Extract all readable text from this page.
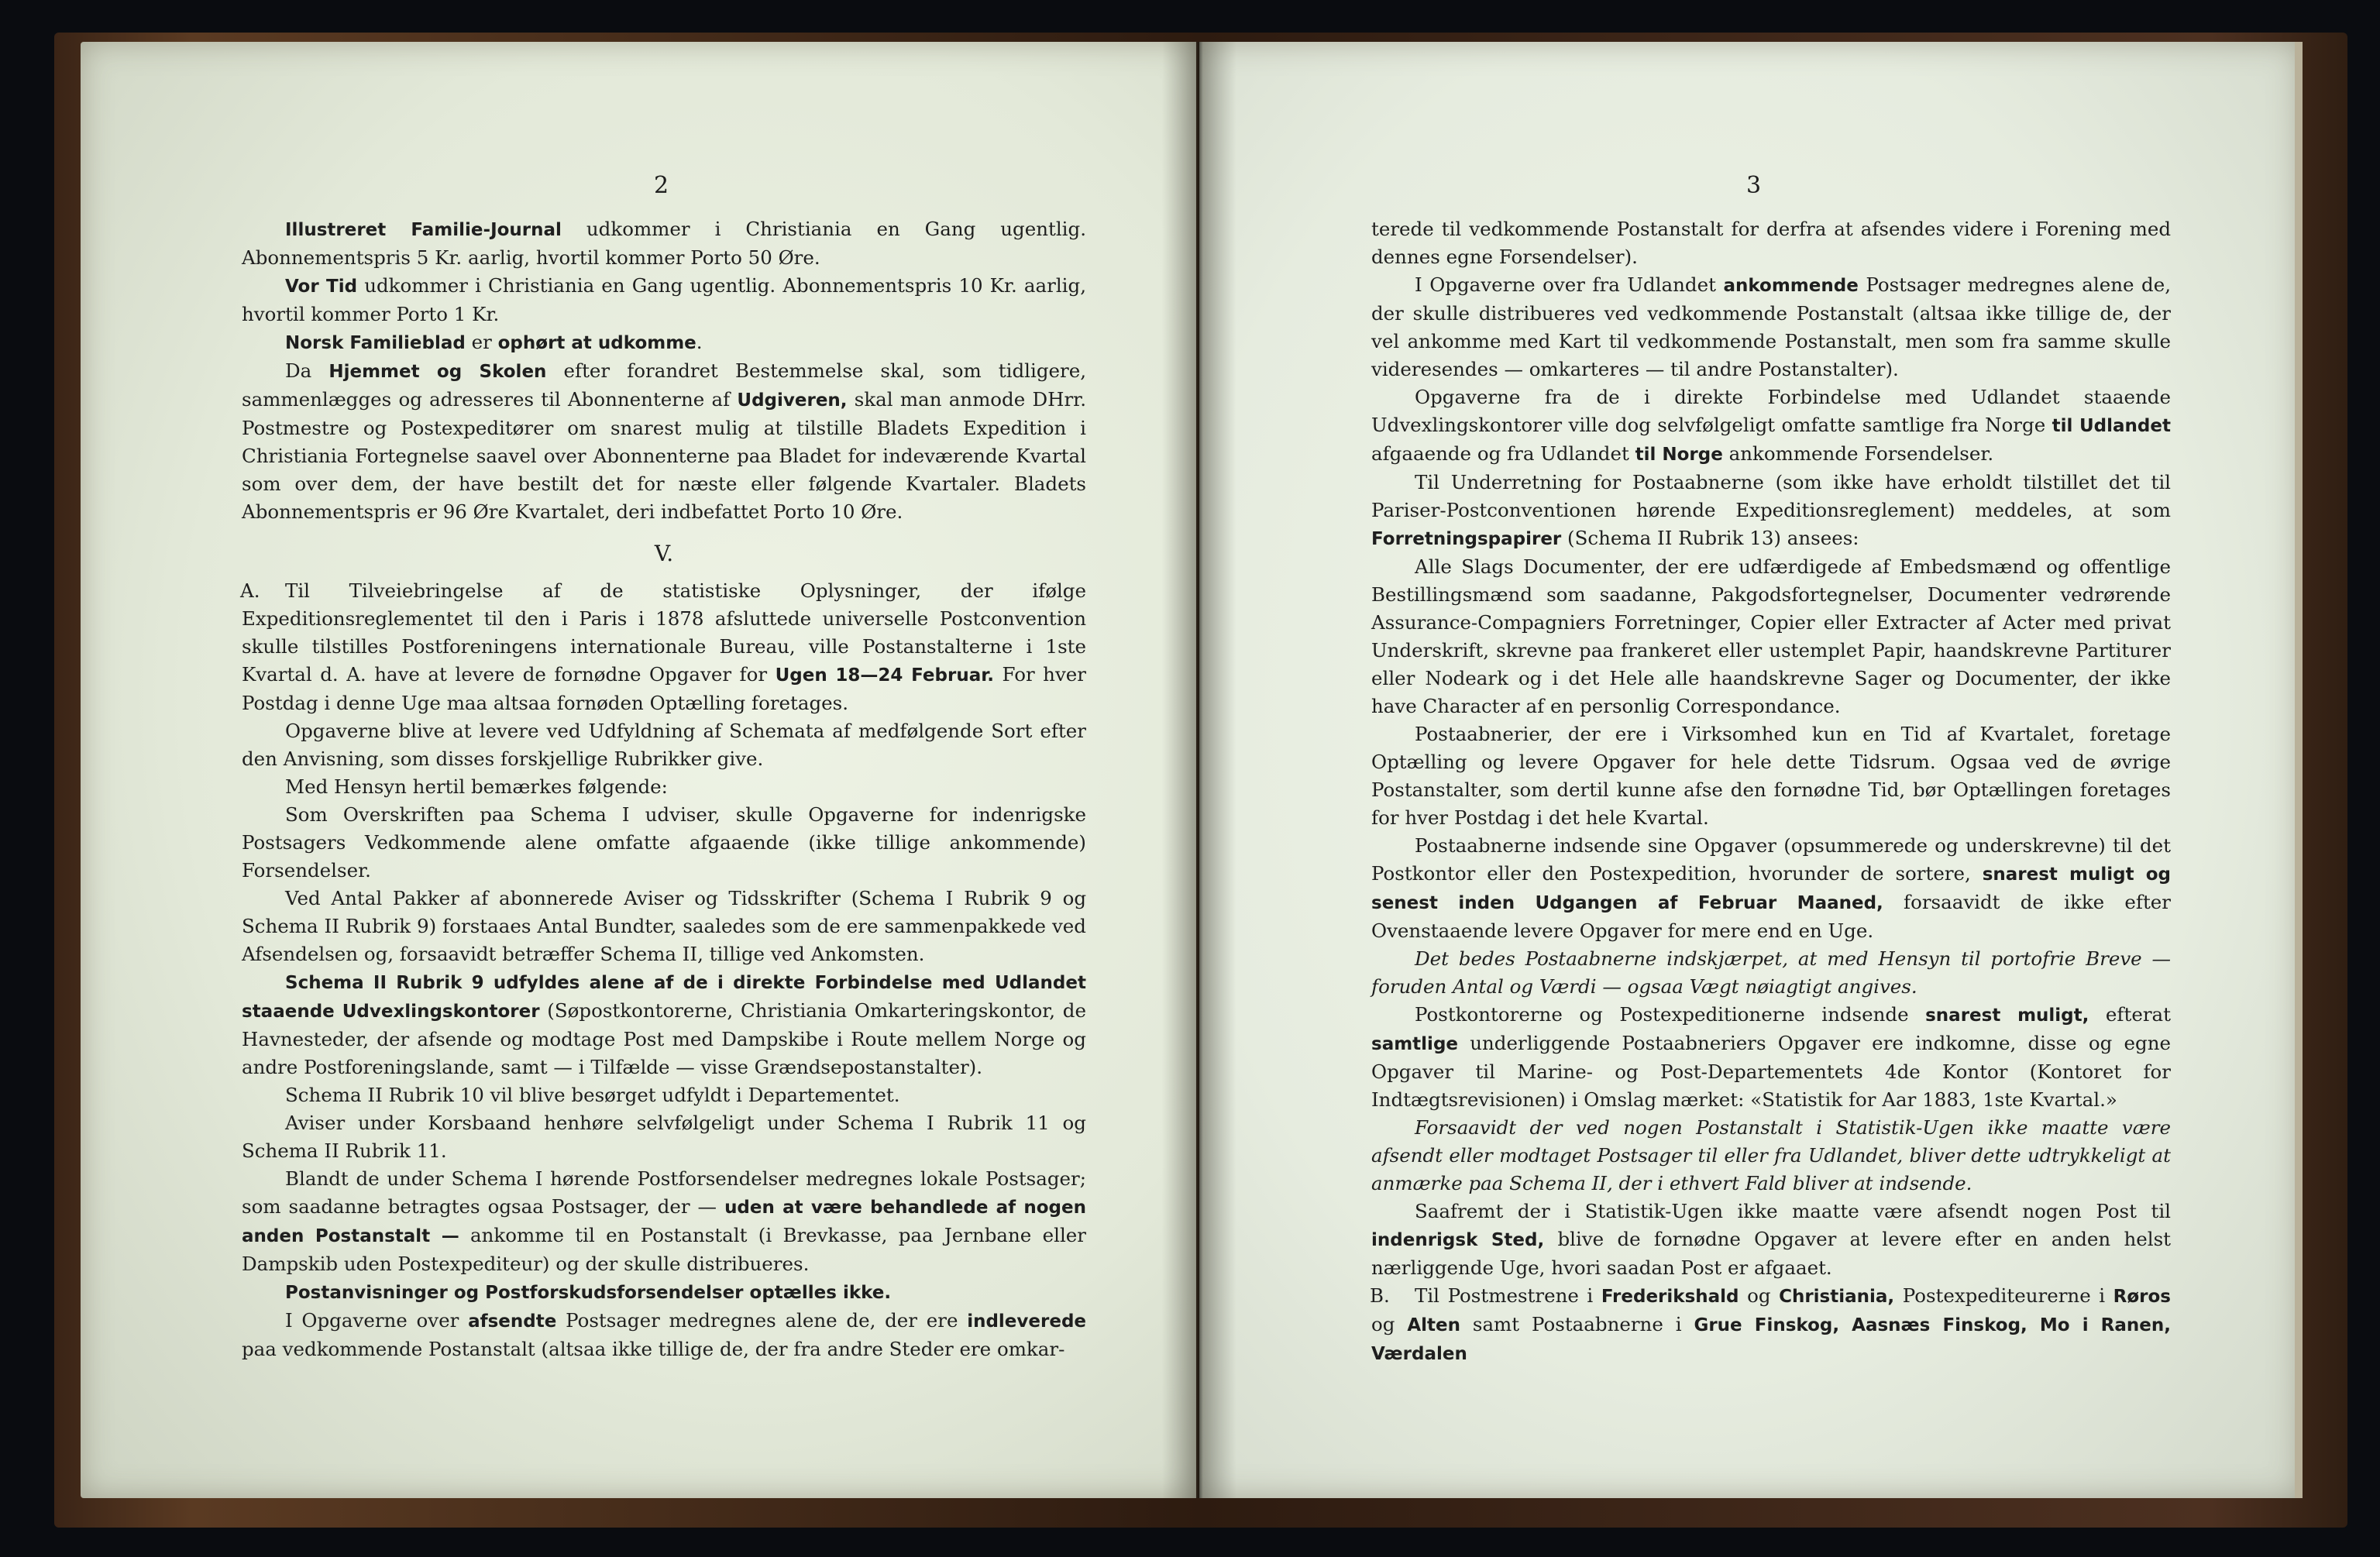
2	3

Illustreret Familie-Journal udkommer i Christiania en Gang ugentlig. Abonnementspris 5 Kr. aarlig, hvortil kommer Porto 50 Øre.

Vor Tid udkommer i Christiania en Gang ugentlig. Abonnementspris 10 Kr. aarlig, hvortil kommer Porto 1 Kr.

Norsk Familieblad er ophørt at udkomme.

Da Hjemmet og Skolen efter forandret Bestemmelse skal, som tidligere, sammenlægges og adresseres til Abonnenterne af Udgiveren, skal man anmode DHrr. Postmestre og Postexpeditører om snarest mulig at tilstille Bladets Expedition i Christiania Fortegnelse saavel over Abonnenterne paa Bladet for indeværende Kvartal som over dem, der have bestilt det for næste eller følgende Kvartaler. Bladets Abonnementspris er 96 Øre Kvartalet, deri indbefattet Porto 10 Øre.

V.

A. Til Tilveiebringelse af de statistiske Oplysninger, der ifølge Expeditionsreglementet til den i Paris i 1878 afsluttede universelle Postconvention skulle tilstilles Postforeningens internationale Bureau, ville Postanstalterne i 1ste Kvartal d. A. have at levere de fornødne Opgaver for Ugen 18—24 Februar. For hver Postdag i denne Uge maa altsaa fornøden Optælling foretages.

Opgaverne blive at levere ved Udfyldning af Schemata af medfølgende Sort efter den Anvisning, som disses forskjellige Rubrikker give.

Med Hensyn hertil bemærkes følgende:

Som Overskriften paa Schema I udviser, skulle Opgaverne for indenrigske Postsagers Vedkommende alene omfatte afgaaende (ikke tillige ankommende) Forsendelser.

Ved Antal Pakker af abonnerede Aviser og Tidsskrifter (Schema I Rubrik 9 og Schema II Rubrik 9) forstaaes Antal Bundter, saaledes som de ere sammenpakkede ved Afsendelsen og, forsaavidt betræffer Schema II, tillige ved Ankomsten.

Schema II Rubrik 9 udfyldes alene af de i direkte Forbindelse med Udlandet staaende Udvexlingskontorer (Søpostkontorerne, Christiania Omkarteringskontor, de Havnesteder, der afsende og modtage Post med Dampskibe i Route mellem Norge og andre Postforeningslande, samt — i Tilfælde — visse Grændsepostanstalter).

Schema II Rubrik 10 vil blive besørget udfyldt i Departementet.

Aviser under Korsbaand henhøre selvfølgeligt under Schema I Rubrik 11 og Schema II Rubrik 11.

Blandt de under Schema I hørende Postforsendelser medregnes lokale Postsager; som saadanne betragtes ogsaa Postsager, der — uden at være behandlede af nogen anden Postanstalt — ankomme til en Postanstalt (i Brevkasse, paa Jernbane eller Dampskib uden Postexpediteur) og der skulle distribueres.

Postanvisninger og Postforskudsforsendelser optælles ikke.

I Opgaverne over afsendte Postsager medregnes alene de, der ere indleverede paa vedkommende Postanstalt (altsaa ikke tillige de, der fra andre Steder ere omkar-

terede til vedkommende Postanstalt for derfra at afsendes videre i Forening med dennes egne Forsendelser).

I Opgaverne over fra Udlandet ankommende Postsager medregnes alene de, der skulle distribueres ved vedkommende Postanstalt (altsaa ikke tillige de, der vel ankomme med Kart til vedkommende Postanstalt, men som fra samme skulle videresendes — omkarteres — til andre Postanstalter).

Opgaverne fra de i direkte Forbindelse med Udlandet staaende Udvexlingskontorer ville dog selvfølgeligt omfatte samtlige fra Norge til Udlandet afgaaende og fra Udlandet til Norge ankommende Forsendelser.

Til Underretning for Postaabnerne (som ikke have erholdt tilstillet det til Pariser-Postconventionen hørende Expeditionsreglement) meddeles, at som Forretningspapirer (Schema II Rubrik 13) ansees:

Alle Slags Documenter, der ere udfærdigede af Embedsmænd og offentlige Bestillingsmænd som saadanne, Pakgodsfortegnelser, Documenter vedrørende Assurance-Compagniers Forretninger, Copier eller Extracter af Acter med privat Underskrift, skrevne paa frankeret eller ustemplet Papir, haandskrevne Partiturer eller Nodeark og i det Hele alle haandskrevne Sager og Documenter, der ikke have Character af en personlig Correspondance.

Postaabnerier, der ere i Virksomhed kun en Tid af Kvartalet, foretage Optælling og levere Opgaver for hele dette Tidsrum. Ogsaa ved de øvrige Postanstalter, som dertil kunne afse den fornødne Tid, bør Optællingen foretages for hver Postdag i det hele Kvartal.

Postaabnerne indsende sine Opgaver (opsummerede og underskrevne) til det Postkontor eller den Postexpedition, hvorunder de sortere, snarest muligt og senest inden Udgangen af Februar Maaned, forsaavidt de ikke efter Ovenstaaende levere Opgaver for mere end en Uge.

Det bedes Postaabnerne indskjærpet, at med Hensyn til portofrie Breve — foruden Antal og Værdi — ogsaa Vægt nøiagtigt angives.

Postkontorerne og Postexpeditionerne indsende snarest muligt, efterat samtlige underliggende Postaabneriers Opgaver ere indkomne, disse og egne Opgaver til Marine- og Post-Departementets 4de Kontor (Kontoret for Indtægtsrevisionen) i Omslag mærket: «Statistik for Aar 1883, 1ste Kvartal.»

Forsaavidt der ved nogen Postanstalt i Statistik-Ugen ikke maatte være afsendt eller modtaget Postsager til eller fra Udlandet, bliver dette udtrykkeligt at anmærke paa Schema II, der i ethvert Fald bliver at indsende.

Saafremt der i Statistik-Ugen ikke maatte være afsendt nogen Post til indenrigsk Sted, blive de fornødne Opgaver at levere efter en anden helst nærliggende Uge, hvori saadan Post er afgaaet.

B. Til Postmestrene i Frederikshald og Christiania, Postexpediteurerne i Røros og Alten samt Postaabnerne i Grue Finskog, Aasnæs Finskog, Mo i Ranen, Værdalen
